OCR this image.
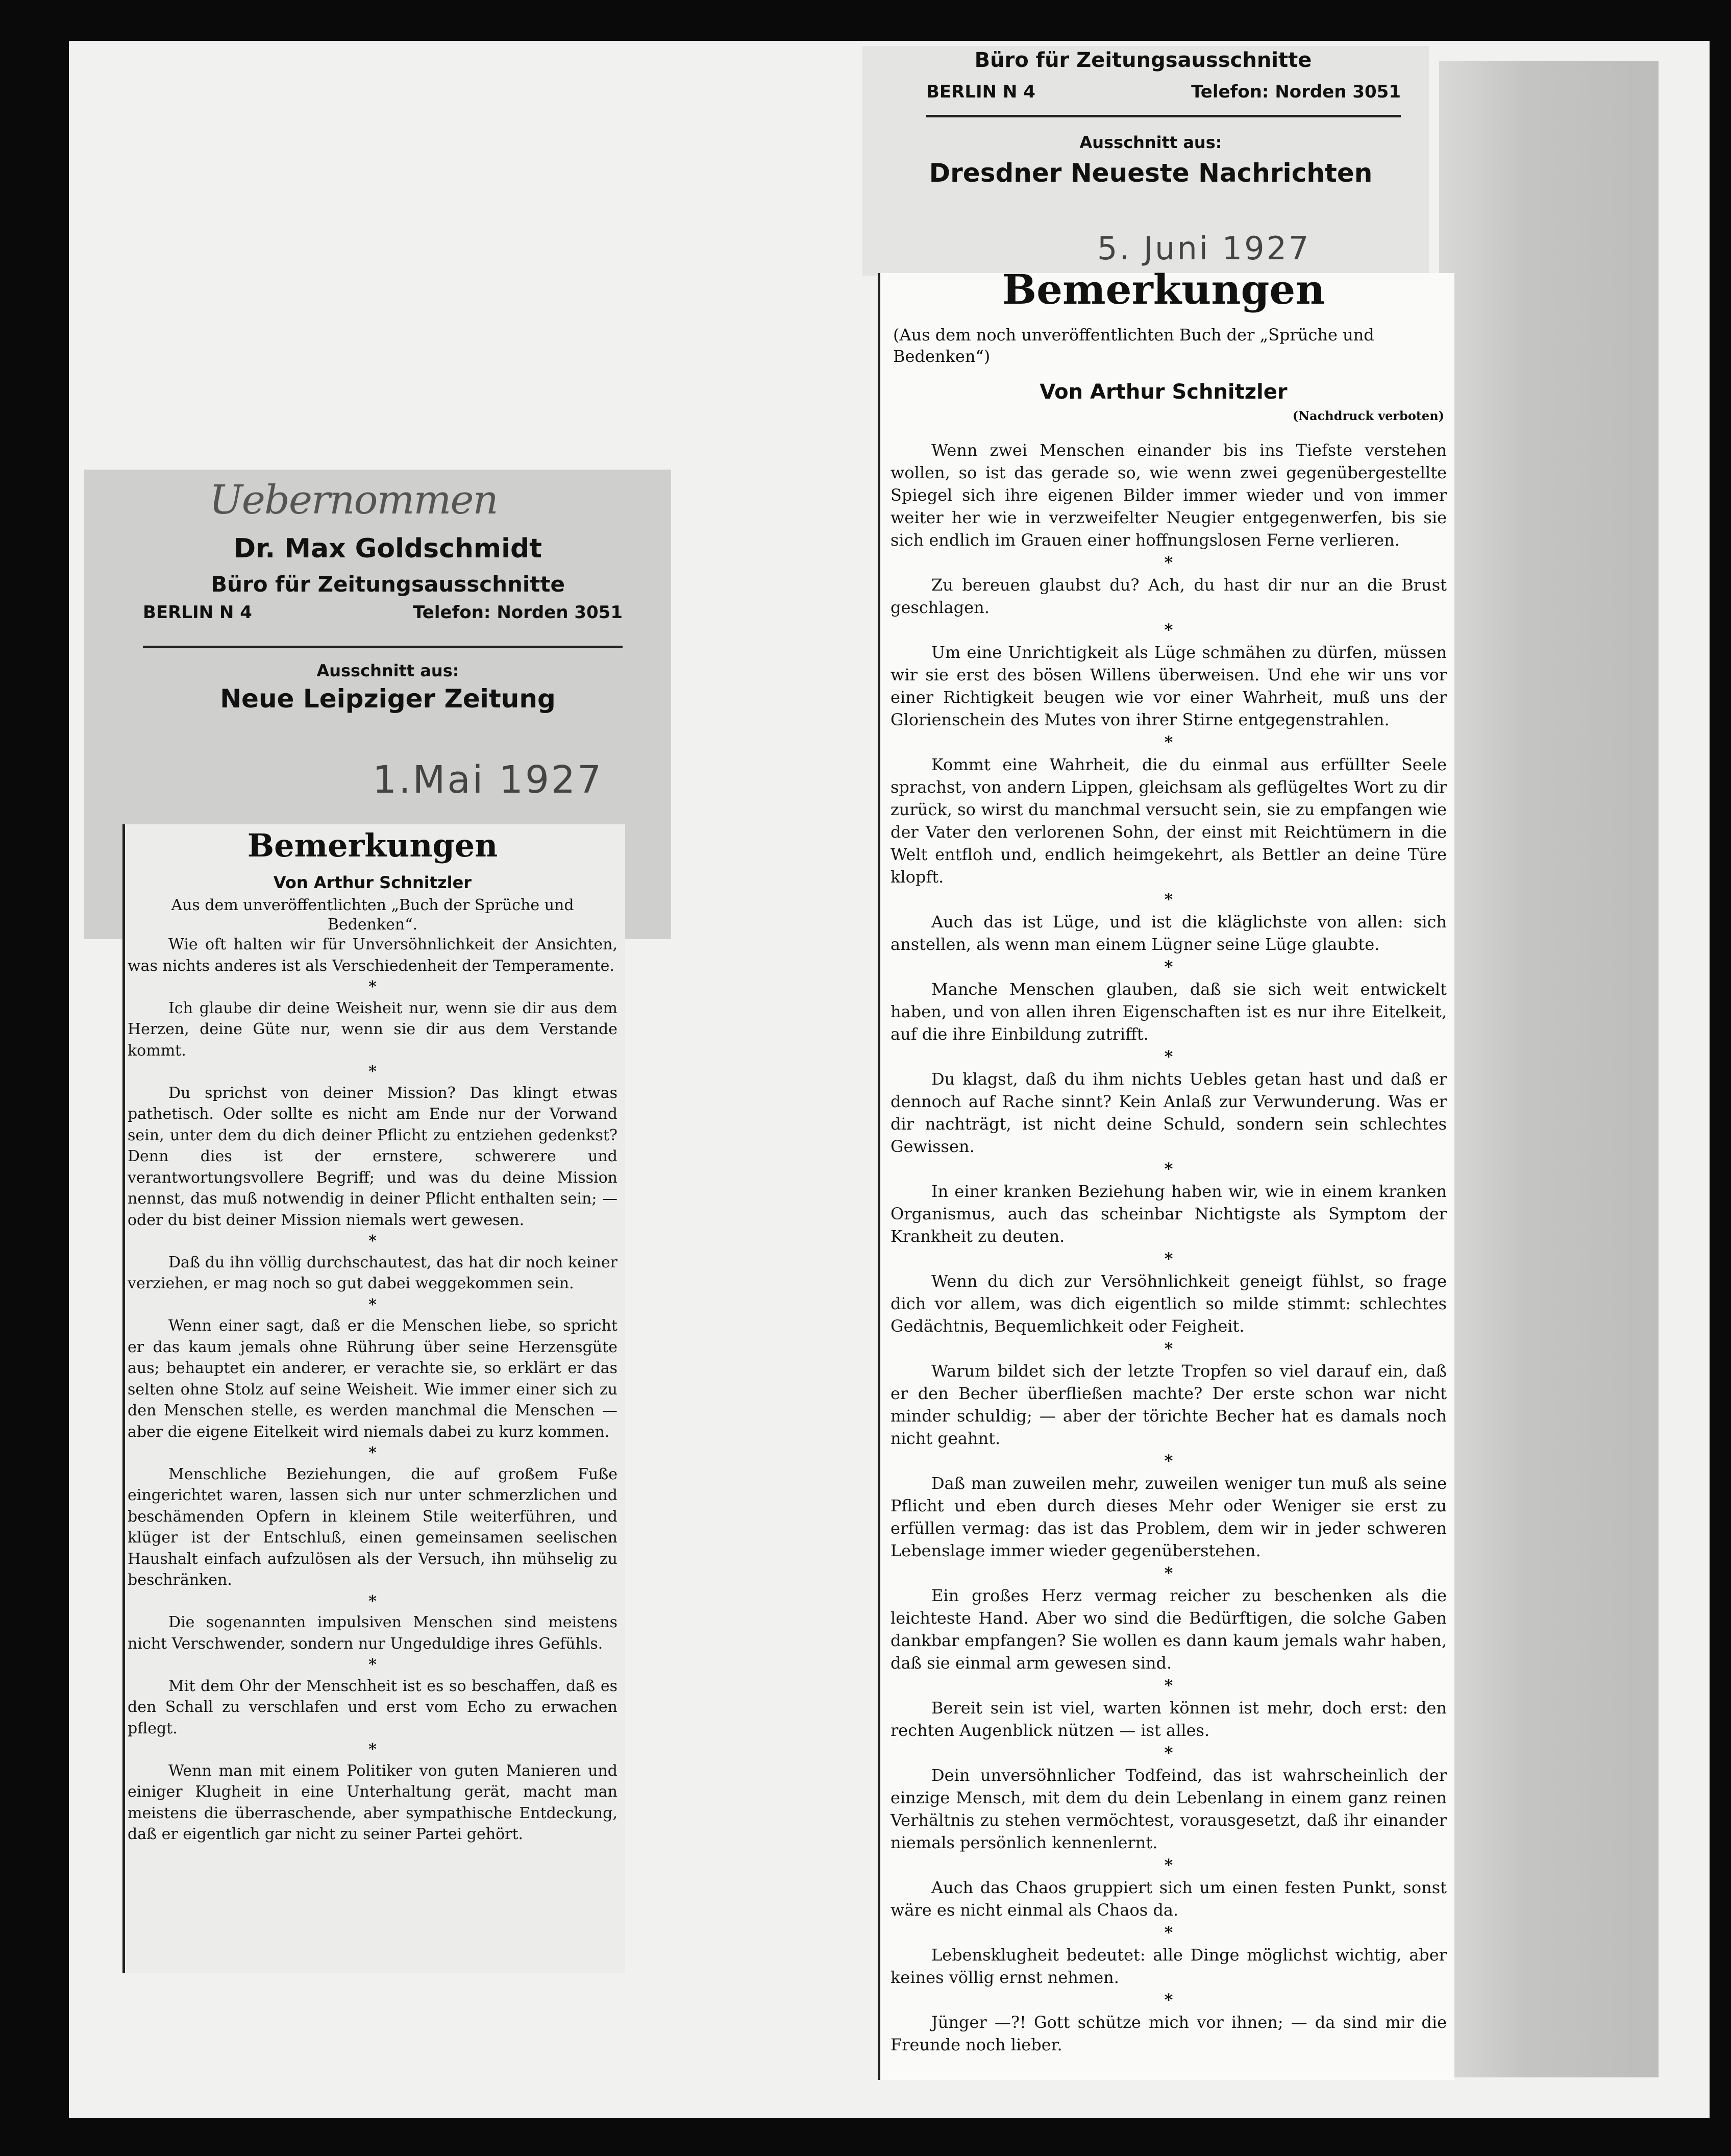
Uebernommen
Dr. Max Goldschmidt
Büro für Zeitungsausschnitte
BERLIN N 4	Telefon: Norden 3051
Ausschnitt aus:
Neue Leipziger Zeitung
1.Mai 1927
Bemerkungen
Von Arthur Schnitzler
Aus dem unveröffentlichten „Buch der Sprüche und Bedenken“.

Wie oft halten wir für Unversöhnlichkeit der Ansichten, was nichts anderes ist als Verschiedenheit der Temperamente.

*

Ich glaube dir deine Weisheit nur, wenn sie dir aus dem Herzen, deine Güte nur, wenn sie dir aus dem Verstande kommt.

*

Du sprichst von deiner Mission? Das klingt etwas pathetisch. Oder sollte es nicht am Ende nur der Vorwand sein, unter dem du dich deiner Pflicht zu entziehen gedenkst? Denn dies ist der ernstere, schwerere und verantwortungsvollere Begriff; und was du deine Mission nennst, das muß notwendig in deiner Pflicht enthalten sein; — oder du bist deiner Mission niemals wert gewesen.

*

Daß du ihn völlig durchschautest, das hat dir noch keiner verziehen, er mag noch so gut dabei weggekommen sein.

*

Wenn einer sagt, daß er die Menschen liebe, so spricht er das kaum jemals ohne Rührung über seine Herzensgüte aus; behauptet ein anderer, er verachte sie, so erklärt er das selten ohne Stolz auf seine Weisheit. Wie immer einer sich zu den Menschen stelle, es werden manchmal die Menschen — aber die eigene Eitelkeit wird niemals dabei zu kurz kommen.

*

Menschliche Beziehungen, die auf großem Fuße eingerichtet waren, lassen sich nur unter schmerzlichen und beschämenden Opfern in kleinem Stile weiterführen, und klüger ist der Entschluß, einen gemeinsamen seelischen Haushalt einfach aufzulösen als der Versuch, ihn mühselig zu beschränken.

*

Die sogenannten impulsiven Menschen sind meistens nicht Verschwender, sondern nur Ungeduldige ihres Gefühls.

*

Mit dem Ohr der Menschheit ist es so beschaffen, daß es den Schall zu verschlafen und erst vom Echo zu erwachen pflegt.

*

Wenn man mit einem Politiker von guten Manieren und einiger Klugheit in eine Unterhaltung gerät, macht man meistens die überraschende, aber sympathische Entdeckung, daß er eigentlich gar nicht zu seiner Partei gehört.

Büro für Zeitungsausschnitte
BERLIN N 4	Telefon: Norden 3051
Ausschnitt aus:
Dresdner Neueste Nachrichten
5. Juni 1927
Bemerkungen
(Aus dem noch unveröffentlichten Buch der „Sprüche und Bedenken“)
Von Arthur Schnitzler
(Nachdruck verboten)

Wenn zwei Menschen einander bis ins Tiefste verstehen wollen, so ist das gerade so, wie wenn zwei gegenübergestellte Spiegel sich ihre eigenen Bilder immer wieder und von immer weiter her wie in verzweifelter Neugier entgegenwerfen, bis sie sich endlich im Grauen einer hoffnungslosen Ferne verlieren.

*

Zu bereuen glaubst du? Ach, du hast dir nur an die Brust geschlagen.

*

Um eine Unrichtigkeit als Lüge schmähen zu dürfen, müssen wir sie erst des bösen Willens überweisen. Und ehe wir uns vor einer Richtigkeit beugen wie vor einer Wahrheit, muß uns der Glorienschein des Mutes von ihrer Stirne entgegenstrahlen.

*

Kommt eine Wahrheit, die du einmal aus erfüllter Seele sprachst, von andern Lippen, gleichsam als geflügeltes Wort zu dir zurück, so wirst du manchmal versucht sein, sie zu empfangen wie der Vater den verlorenen Sohn, der einst mit Reichtümern in die Welt entfloh und, endlich heimgekehrt, als Bettler an deine Türe klopft.

*

Auch das ist Lüge, und ist die kläglichste von allen: sich anstellen, als wenn man einem Lügner seine Lüge glaubte.

*

Manche Menschen glauben, daß sie sich weit entwickelt haben, und von allen ihren Eigenschaften ist es nur ihre Eitelkeit, auf die ihre Einbildung zutrifft.

*

Du klagst, daß du ihm nichts Uebles getan hast und daß er dennoch auf Rache sinnt? Kein Anlaß zur Verwunderung. Was er dir nachträgt, ist nicht deine Schuld, sondern sein schlechtes Gewissen.

*

In einer kranken Beziehung haben wir, wie in einem kranken Organismus, auch das scheinbar Nichtigste als Symptom der Krankheit zu deuten.

*

Wenn du dich zur Versöhnlichkeit geneigt fühlst, so frage dich vor allem, was dich eigentlich so milde stimmt: schlechtes Gedächtnis, Bequemlichkeit oder Feigheit.

*

Warum bildet sich der letzte Tropfen so viel darauf ein, daß er den Becher überfließen machte? Der erste schon war nicht minder schuldig; — aber der törichte Becher hat es damals noch nicht geahnt.

*

Daß man zuweilen mehr, zuweilen weniger tun muß als seine Pflicht und eben durch dieses Mehr oder Weniger sie erst zu erfüllen vermag: das ist das Problem, dem wir in jeder schweren Lebenslage immer wieder gegenüberstehen.

*

Ein großes Herz vermag reicher zu beschenken als die leichteste Hand. Aber wo sind die Bedürftigen, die solche Gaben dankbar empfangen? Sie wollen es dann kaum jemals wahr haben, daß sie einmal arm gewesen sind.

*

Bereit sein ist viel, warten können ist mehr, doch erst: den rechten Augenblick nützen — ist alles.

*

Dein unversöhnlicher Todfeind, das ist wahrscheinlich der einzige Mensch, mit dem du dein Lebenlang in einem ganz reinen Verhältnis zu stehen vermöchtest, vorausgesetzt, daß ihr einander niemals persönlich kennenlernt.

*

Auch das Chaos gruppiert sich um einen festen Punkt, sonst wäre es nicht einmal als Chaos da.

*

Lebensklugheit bedeutet: alle Dinge möglichst wichtig, aber keines völlig ernst nehmen.

*

Jünger —?! Gott schütze mich vor ihnen; — da sind mir die Freunde noch lieber.
